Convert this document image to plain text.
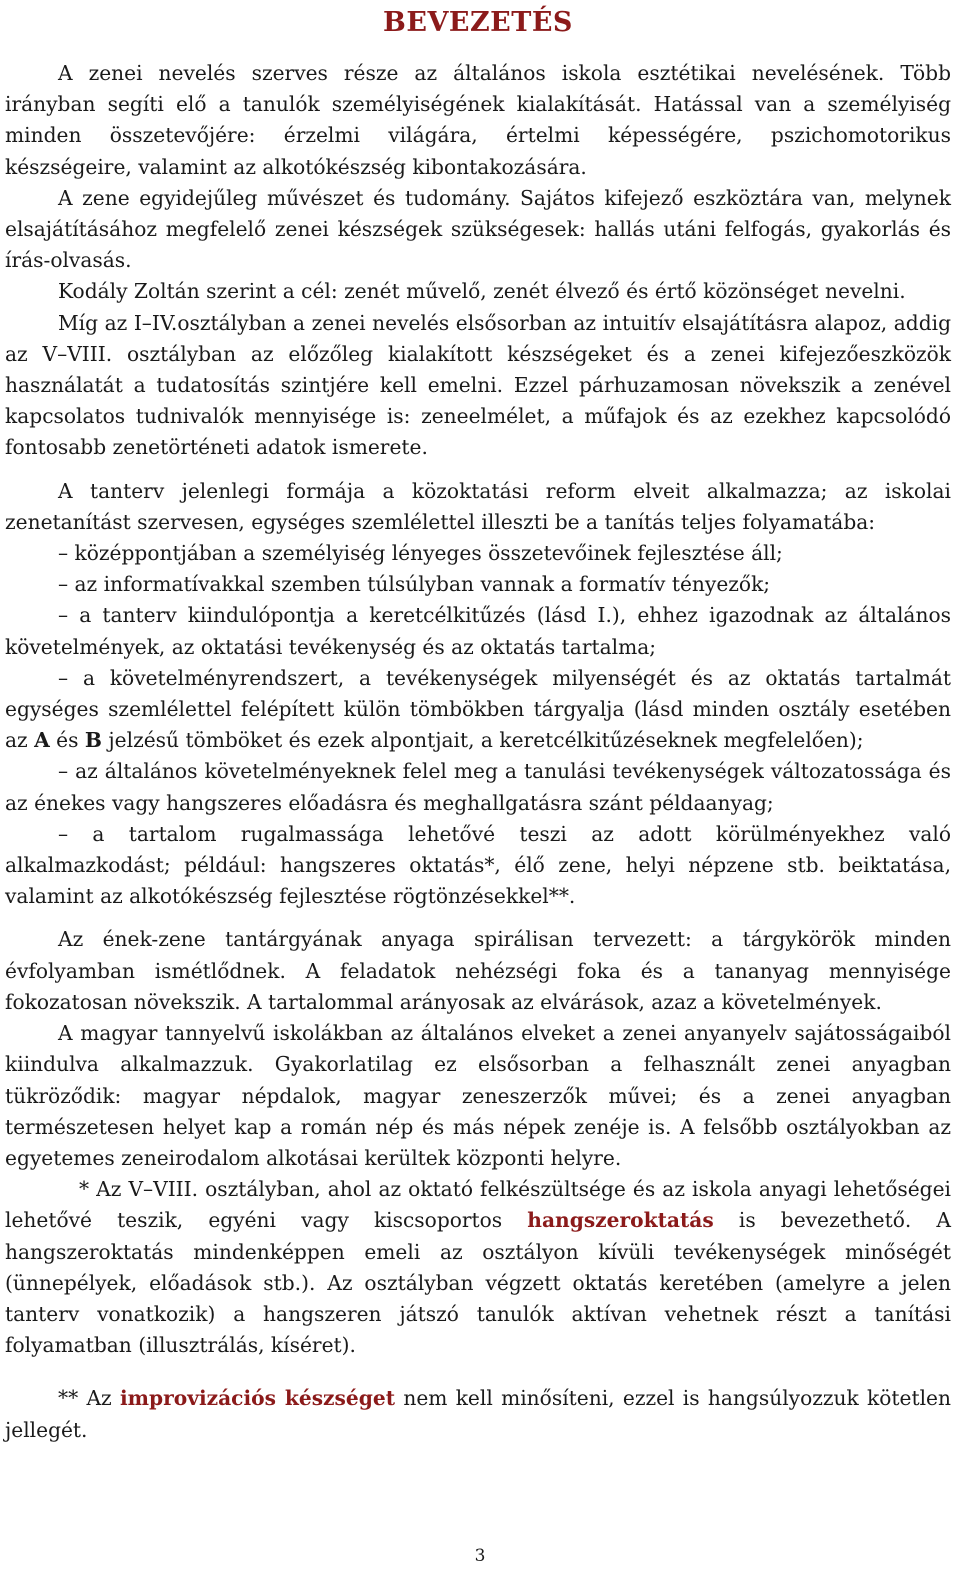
BEVEZETÉS

A zenei nevelés szerves része az általános iskola esztétikai nevelésének. Több irányban segíti elő a tanulók személyiségének kialakítását. Hatással van a személyiség minden összetevőjére: érzelmi világára, értelmi képességére, pszichomotorikus készségeire, valamint az alkotókészség kibontakozására.

A zene egyidejűleg művészet és tudomány. Sajátos kifejező eszköztára van, melynek elsajátításához megfelelő zenei készségek szükségesek: hallás utáni felfogás, gyakorlás és írás-olvasás.

Kodály Zoltán szerint a cél: zenét művelő, zenét élvező és értő közönséget nevelni.

Míg az I–IV.osztályban a zenei nevelés elsősorban az intuitív elsajátításra alapoz, addig az V–VIII. osztályban az előzőleg kialakított készségeket és a zenei kifejezőeszközök használatát a tudatosítás szintjére kell emelni. Ezzel párhuzamosan növekszik a zenével kapcsolatos tudnivalók mennyisége is: zeneelmélet, a műfajok és az ezekhez kapcsolódó fontosabb zenetörténeti adatok ismerete.

A tanterv jelenlegi formája a közoktatási reform elveit alkalmazza; az iskolai zenetanítást szervesen, egységes szemlélettel illeszti be a tanítás teljes folyamatába:

– középpontjában a személyiség lényeges összetevőinek fejlesztése áll;

– az informatívakkal szemben túlsúlyban vannak a formatív tényezők;

– a tanterv kiindulópontja a keretcélkitűzés (lásd I.), ehhez igazodnak az általános követelmények, az oktatási tevékenység és az oktatás tartalma;

– a követelményrendszert, a tevékenységek milyenségét és az oktatás tartalmát egységes szemlélettel felépített külön tömbökben tárgyalja (lásd minden osztály esetében az A és B jelzésű tömböket és ezek alpontjait, a keretcélkitűzéseknek megfelelően);

– az általános követelményeknek felel meg a tanulási tevékenységek változatossága és az énekes vagy hangszeres előadásra és meghallgatásra szánt példaanyag;

– a tartalom rugalmassága lehetővé teszi az adott körülményekhez való alkalmazkodást; például: hangszeres oktatás*, élő zene, helyi népzene stb. beiktatása, valamint az alkotókészség fejlesztése rögtönzésekkel**.

Az ének-zene tantárgyának anyaga spirálisan tervezett: a tárgykörök minden évfolyamban ismétlődnek. A feladatok nehézségi foka és a tananyag mennyisége fokozatosan növekszik. A tartalommal arányosak az elvárások, azaz a követelmények.

A magyar tannyelvű iskolákban az általános elveket a zenei anyanyelv sajátosságaiból kiindulva alkalmazzuk. Gyakorlatilag ez elsősorban a felhasznált zenei anyagban tükröződik: magyar népdalok, magyar zeneszerzők művei; és a zenei anyagban természetesen helyet kap a román nép és más népek zenéje is. A felsőbb osztályokban az egyetemes zeneirodalom alkotásai kerültek központi helyre.

* Az V–VIII. osztályban, ahol az oktató felkészültsége és az iskola anyagi lehetőségei lehetővé teszik, egyéni vagy kiscsoportos hangszeroktatás is bevezethető. A hangszeroktatás mindenképpen emeli az osztályon kívüli tevékenységek minőségét (ünnepélyek, előadások stb.). Az osztályban végzett oktatás keretében (amelyre a jelen tanterv vonatkozik) a hangszeren játszó tanulók aktívan vehetnek részt a tanítási folyamatban (illusztrálás, kíséret).

** Az improvizációs készséget nem kell minősíteni, ezzel is hangsúlyozzuk kötetlen jellegét.

3
